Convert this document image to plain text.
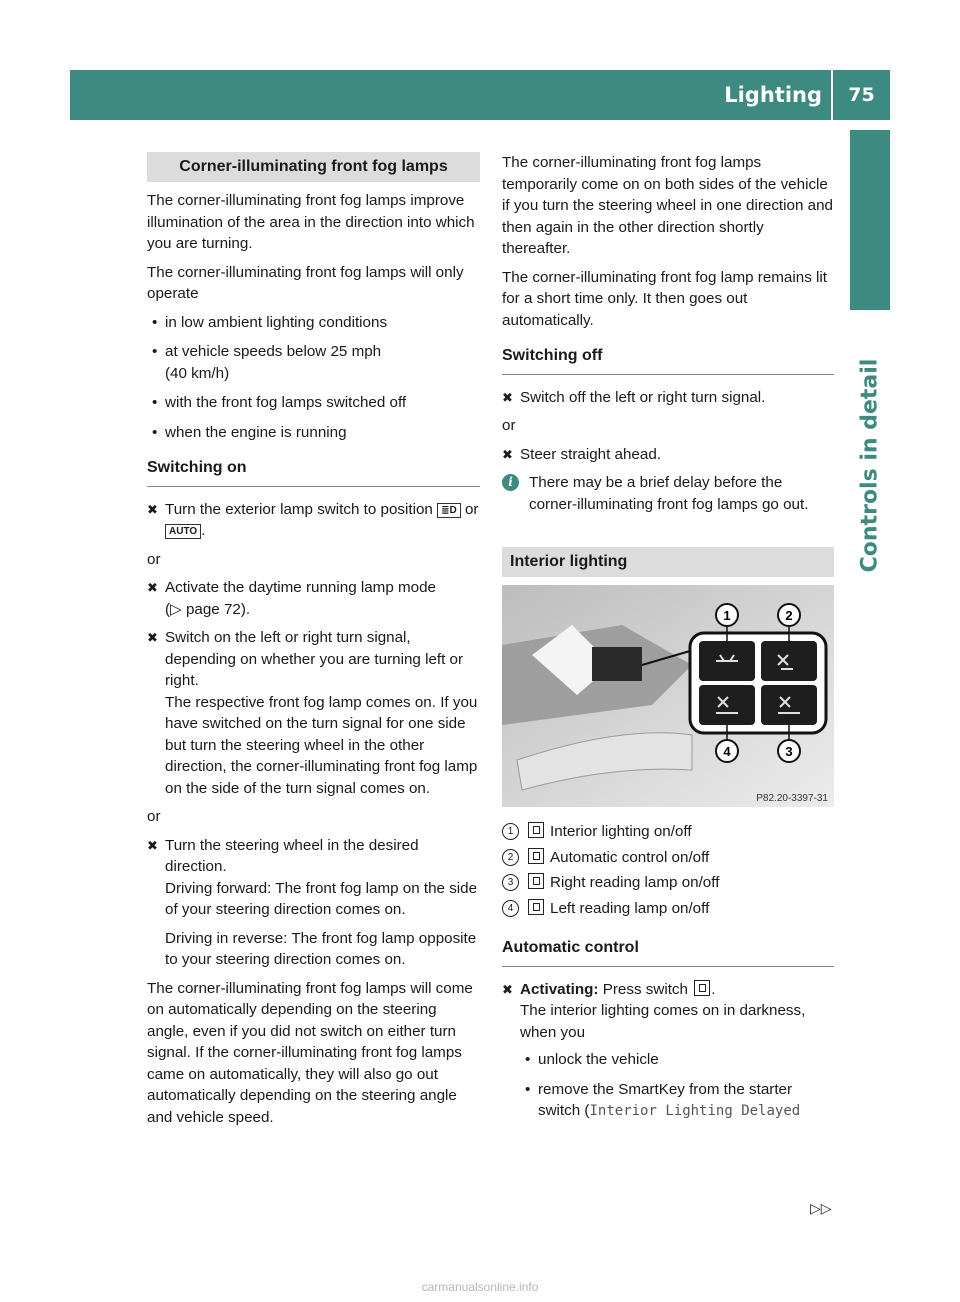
Lighting	75
Controls in detail
Corner-illuminating front fog lamps

The corner-illuminating front fog lamps improve illumination of the area in the direction into which you are turning.

The corner-illuminating front fog lamps will only operate

• in low ambient lighting conditions
• at vehicle speeds below 25 mph
(40 km/h)
• with the front fog lamps switched off
• when the engine is running
Switching on
✖ Turn the exterior lamp switch to position ≣D or AUTO .

or

✖ Activate the daytime running lamp mode
(▷ page 72).
✖ Switch on the left or right turn signal, depending on whether you are turning left or right.
The respective front fog lamp comes on. If you have switched on the turn signal for one side but turn the steering wheel in the other direction, the corner-illuminating front fog lamp on the side of the turn signal comes on.

or

✖ Turn the steering wheel in the desired direction.
Driving forward: The front fog lamp on the side of your steering direction comes on.
Driving in reverse: The front fog lamp opposite to your steering direction comes on.

The corner-illuminating front fog lamps will come on automatically depending on the steering angle, even if you did not switch on either turn signal. If the corner-illuminating front fog lamps came on automatically, they will also go out automatically depending on the steering angle and vehicle speed.

The corner-illuminating front fog lamps temporarily come on on both sides of the vehicle if you turn the steering wheel in one direction and then again in the other direction shortly thereafter.

The corner-illuminating front fog lamp remains lit for a short time only. It then goes out automatically.

Switching off
✖ Switch off the left or right turn signal.

or

✖ Steer straight ahead.
i	There may be a brief delay before the corner-illuminating front fog lamps go out.
Interior lighting
1	2
3
4
P82.20-3397-31
1	Interior lighting on/off
2	Automatic control on/off
3	Right reading lamp on/off
4	Left reading lamp on/off
Automatic control
✖ Activating: Press switch .
The interior lighting comes on in darkness, when you
• unlock the vehicle
• remove the SmartKey from the starter switch (Interior Lighting Delayed
▷▷
carmanualsonline.info
